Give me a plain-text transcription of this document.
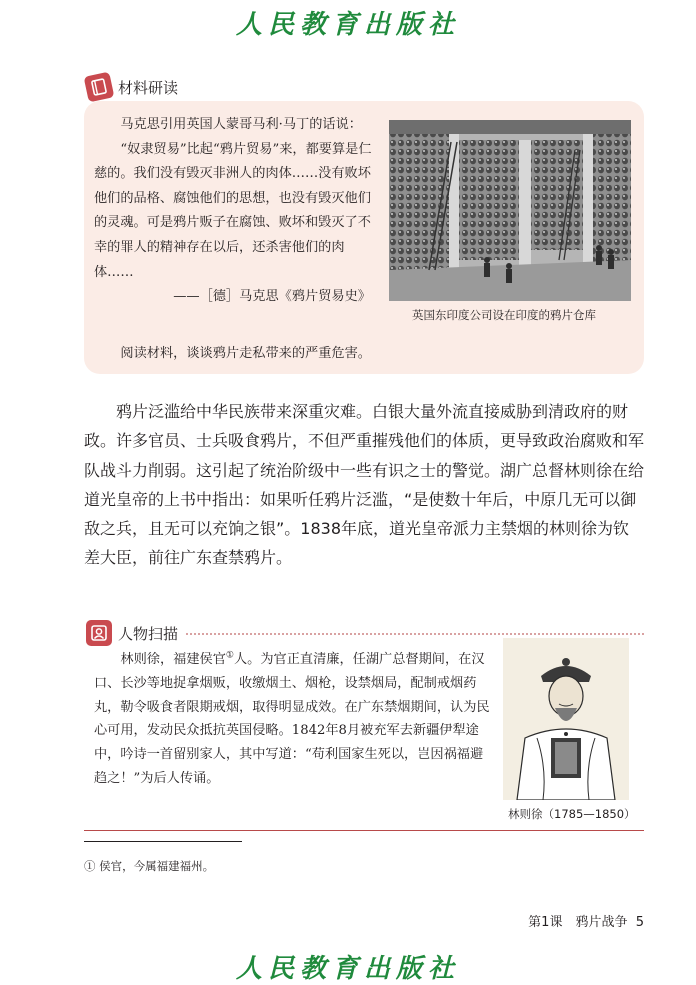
人民教育出版社
材料研读

马克思引用英国人蒙哥马利·马丁的话说：

“奴隶贸易”比起“鸦片贸易”来，都要算是仁慈的。我们没有毁灭非洲人的肉体……没有败坏他们的品格、腐蚀他们的思想，也没有毁灭他们的灵魂。可是鸦片贩子在腐蚀、败坏和毁灭了不幸的罪人的精神存在以后，还杀害他们的肉体……

——［德］马克思《鸦片贸易史》

阅读材料，谈谈鸦片走私带来的严重危害。
英国东印度公司设在印度的鸦片仓库

鸦片泛滥给中华民族带来深重灾难。白银大量外流直接威胁到清政府的财政。许多官员、士兵吸食鸦片，不但严重摧残他们的体质，更导致政治腐败和军队战斗力削弱。这引起了统治阶级中一些有识之士的警觉。湖广总督林则徐在给道光皇帝的上书中指出：如果听任鸦片泛滥，“是使数十年后，中原几无可以御敌之兵，且无可以充饷之银”。1838年底，道光皇帝派力主禁烟的林则徐为钦差大臣，前往广东查禁鸦片。

人物扫描

林则徐，福建侯官①人。为官正直清廉，任湖广总督期间，在汉口、长沙等地捉拿烟贩，收缴烟土、烟枪，设禁烟局，配制戒烟药丸，勒令吸食者限期戒烟，取得明显成效。在广东禁烟期间，认为民心可用，发动民众抵抗英国侵略。1842年8月被充军去新疆伊犁途中，吟诗一首留别家人，其中写道：“苟利国家生死以，岂因祸福避趋之！”为后人传诵。

林则徐（1785—1850）
① 侯官，今属福建福州。
第1课　鸦片战争 5
人民教育出版社
